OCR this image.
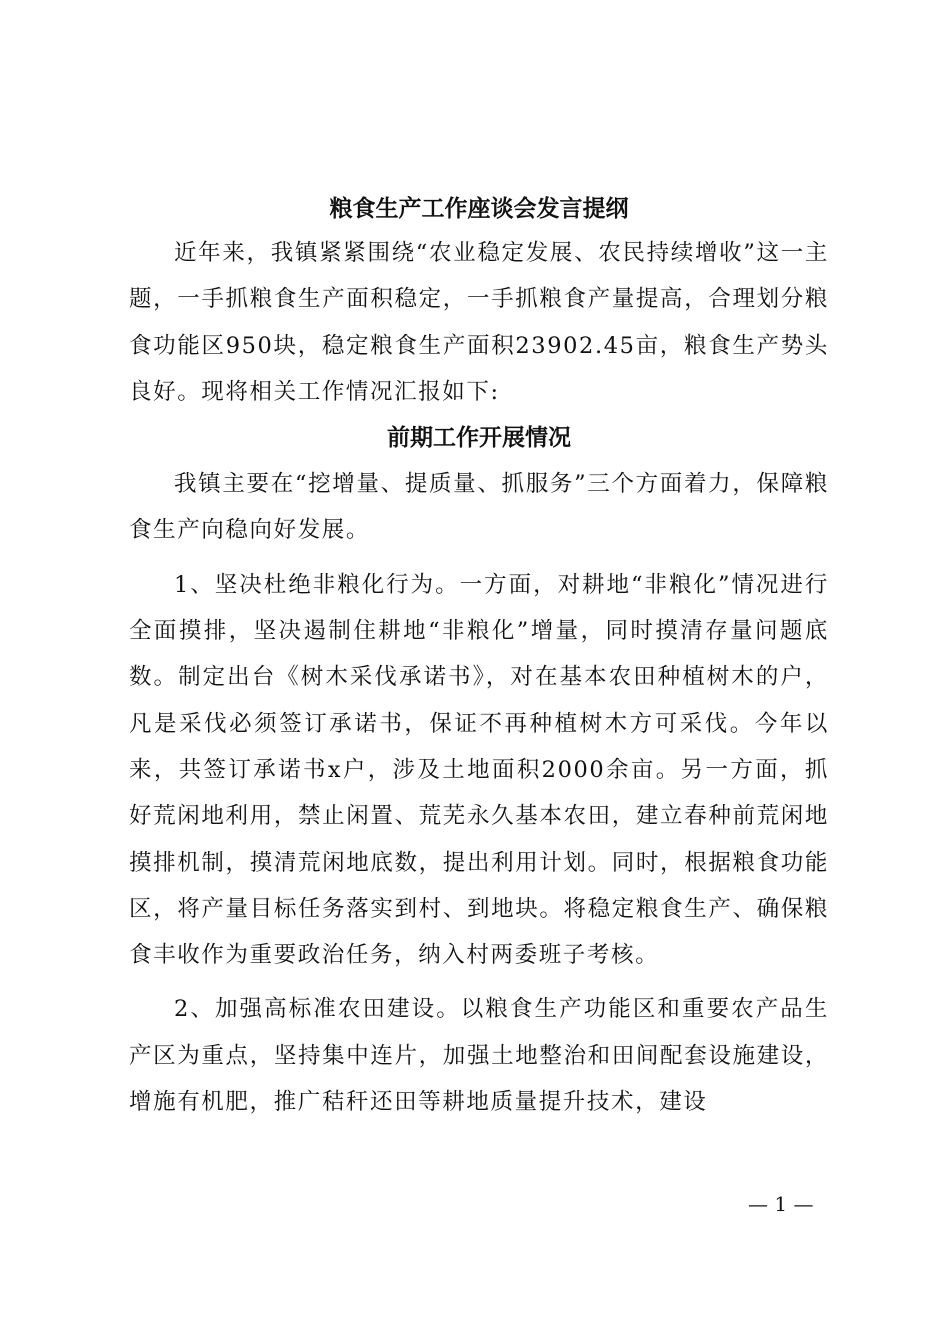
粮食生产工作座谈会发言提纲

近年来，我镇紧紧围绕“农业稳定发展、农民持续增收”这一主题，一手抓粮食生产面积稳定，一手抓粮食产量提高，合理划分粮食功能区950块，稳定粮食生产面积23902.45亩，粮食生产势头良好。现将相关工作情况汇报如下:

前期工作开展情况

我镇主要在“挖增量、提质量、抓服务”三个方面着力，保障粮食生产向稳向好发展。

1、坚决杜绝非粮化行为。一方面，对耕地“非粮化”情况进行全面摸排，坚决遏制住耕地“非粮化”增量，同时摸清存量问题底数。制定出台《树木采伐承诺书》，对在基本农田种植树木的户，凡是采伐必须签订承诺书，保证不再种植树木方可采伐。今年以来，共签订承诺书x户，涉及土地面积2000余亩。另一方面，抓好荒闲地利用，禁止闲置、荒芜永久基本农田，建立春种前荒闲地摸排机制，摸清荒闲地底数，提出利用计划。同时，根据粮食功能区，将产量目标任务落实到村、到地块。将稳定粮食生产、确保粮食丰收作为重要政治任务，纳入村两委班子考核。

2、加强高标准农田建设。以粮食生产功能区和重要农产品生产区为重点，坚持集中连片，加强土地整治和田间配套设施建设，增施有机肥，推广秸秆还田等耕地质量提升技术，建设

— 1 —
